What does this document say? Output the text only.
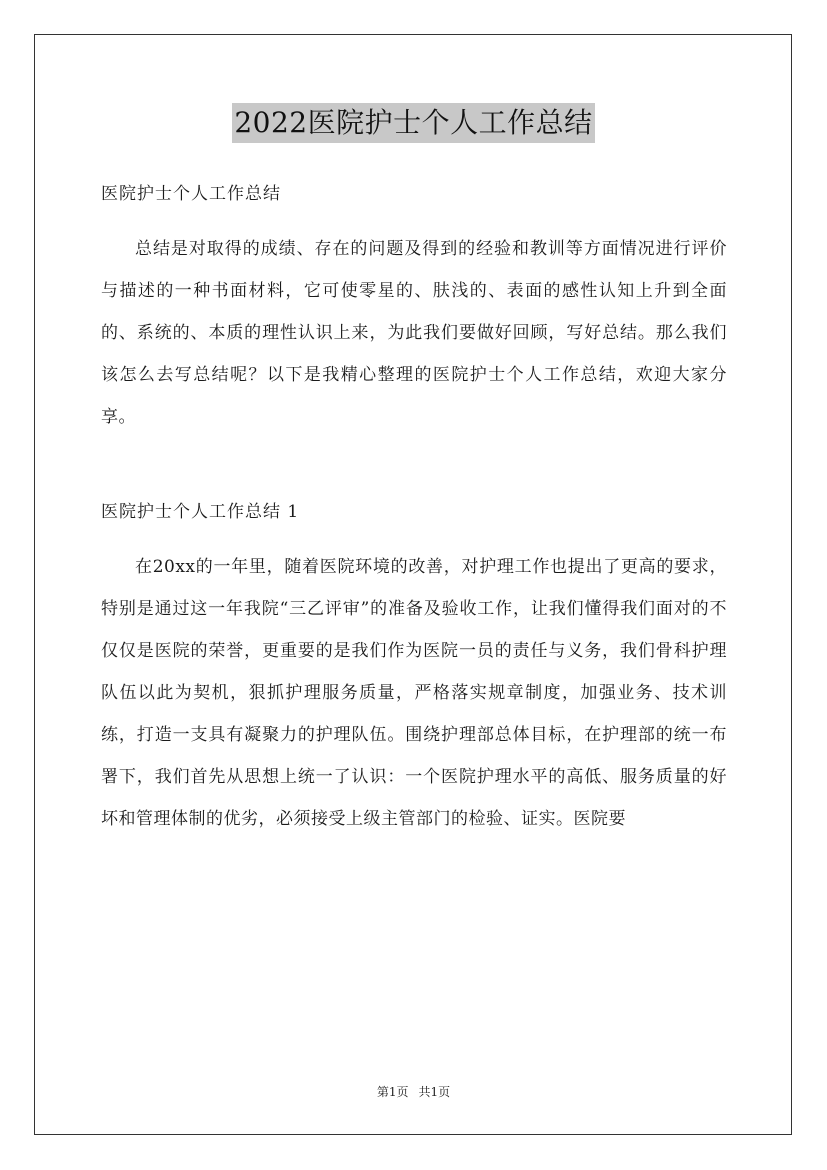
2022医院护士个人工作总结

医院护士个人工作总结

总结是对取得的成绩、存在的问题及得到的经验和教训等方面情况进行评价与描述的一种书面材料，它可使零星的、肤浅的、表面的感性认知上升到全面的、系统的、本质的理性认识上来，为此我们要做好回顾，写好总结。那么我们该怎么去写总结呢？以下是我精心整理的医院护士个人工作总结，欢迎大家分享。

医院护士个人工作总结 1

在20xx的一年里，随着医院环境的改善，对护理工作也提出了更高的要求，特别是通过这一年我院“三乙评审”的准备及验收工作，让我们懂得我们面对的不仅仅是医院的荣誉，更重要的是我们作为医院一员的责任与义务，我们骨科护理队伍以此为契机，狠抓护理服务质量，严格落实规章制度，加强业务、技术训练，打造一支具有凝聚力的护理队伍。围绕护理部总体目标，在护理部的统一布署下，我们首先从思想上统一了认识：一个医院护理水平的高低、服务质量的好坏和管理体制的优劣，必须接受上级主管部门的检验、证实。医院要

第1页 共1页
